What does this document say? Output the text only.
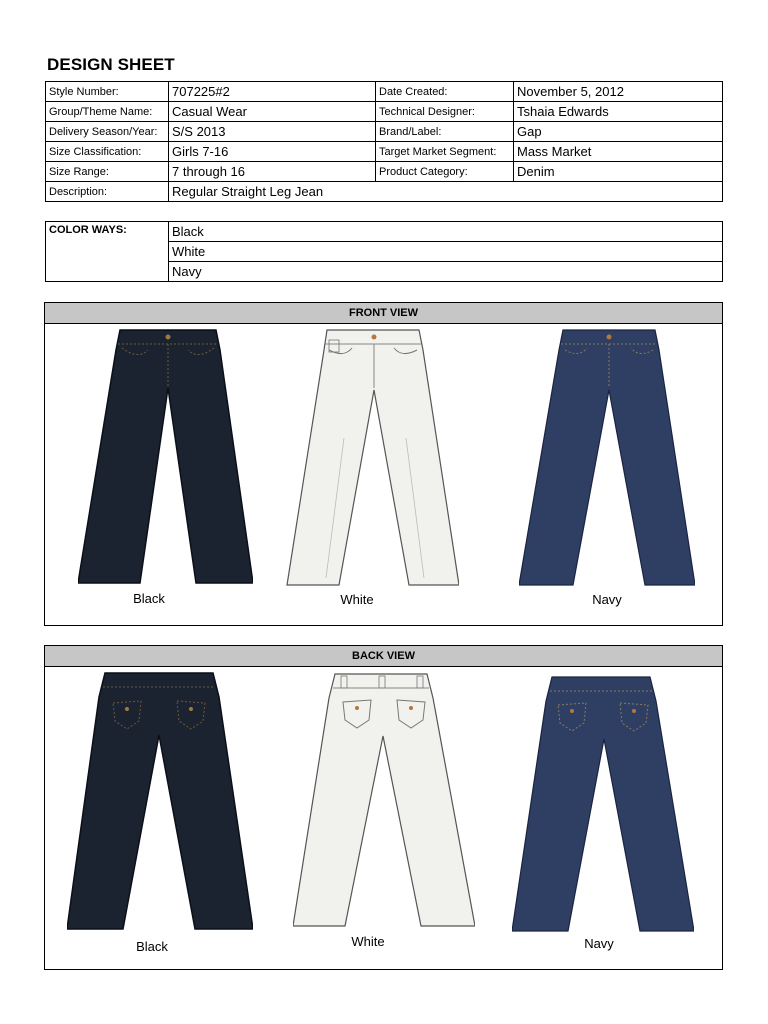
DESIGN SHEET
Style Number:	707225#2	Date Created:	November 5, 2012
Group/Theme Name:	Casual Wear	Technical Designer:	Tshaia Edwards
Delivery Season/Year:	S/S 2013	Brand/Label:	Gap
Size Classification:	Girls 7-16	Target Market Segment:	Mass Market
Size Range:	7 through 16	Product Category:	Denim
Description:	Regular Straight Leg Jean		
COLOR WAYS:	Black
White
Navy
FRONT VIEW
Black	White	Navy
BACK VIEW
Black	White	Navy
